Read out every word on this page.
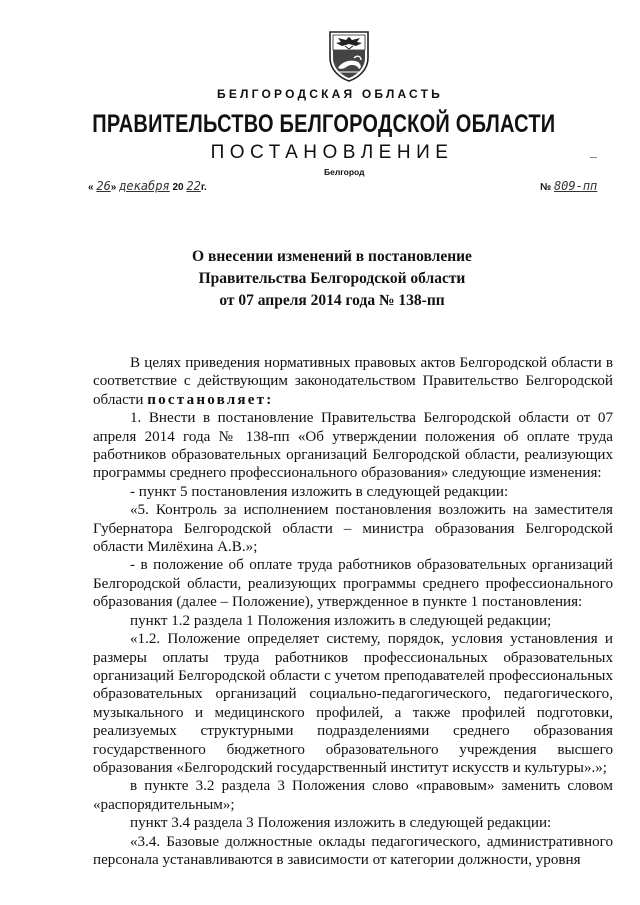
БЕЛГОРОДСКАЯ ОБЛАСТЬ
ПРАВИТЕЛЬСТВО БЕЛГОРОДСКОЙ ОБЛАСТИ
ПОСТАНОВЛЕНИЕ
Белгород
« 26» декабря 20 22г.	№ 809-пп
О внесении изменений в постановление
Правительства Белгородской области
от 07 апреля 2014 года № 138-пп

В целях приведения нормативных правовых актов Белгородской области в соответствие с действующим законодательством Правительство Белгородской области постановляет:

1. Внести в постановление Правительства Белгородской области от 07 апреля 2014 года № 138-пп «Об утверждении положения об оплате труда работников образовательных организаций Белгородской области, реализующих программы среднего профессионального образования» следующие изменения:

- пункт 5 постановления изложить в следующей редакции:

«5. Контроль за исполнением постановления возложить на заместителя Губернатора Белгородской области – министра образования Белгородской области Милёхина А.В.»;

- в положение об оплате труда работников образовательных организаций Белгородской области, реализующих программы среднего профессионального образования (далее – Положение), утвержденное в пункте 1 постановления:

пункт 1.2 раздела 1 Положения изложить в следующей редакции;

«1.2. Положение определяет систему, порядок, условия установления и размеры оплаты труда работников профессиональных образовательных организаций Белгородской области с учетом преподавателей профессиональных образовательных организаций социально-педагогического, педагогического, музыкального и медицинского профилей, а также профилей подготовки, реализуемых структурными подразделениями среднего образования государственного бюджетного образовательного учреждения высшего образования «Белгородский государственный институт искусств и культуры».»;

в пункте 3.2 раздела 3 Положения слово «правовым» заменить словом «распорядительным»;

пункт 3.4 раздела 3 Положения изложить в следующей редакции:

«3.4. Базовые должностные оклады педагогического, административного персонала устанавливаются в зависимости от категории должности, уровня
